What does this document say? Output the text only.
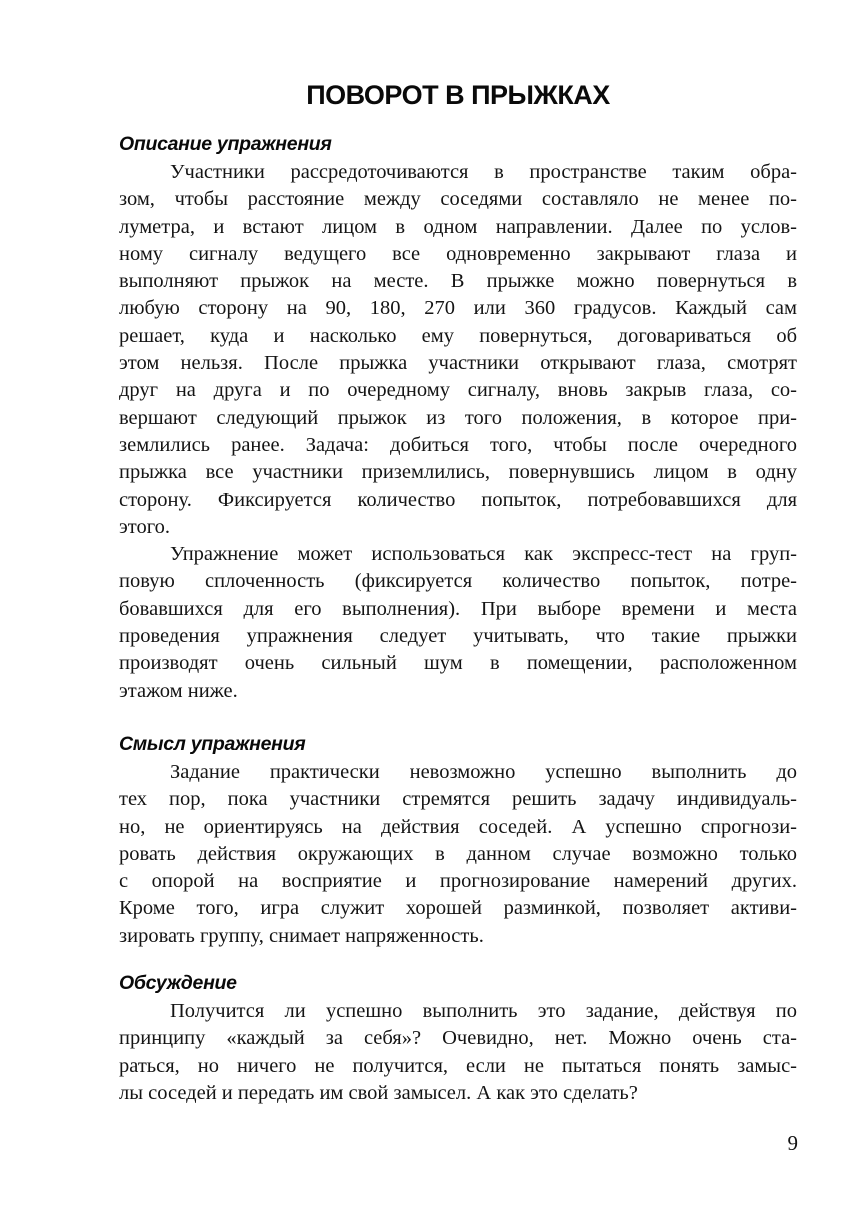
ПОВОРОТ В ПРЫЖКАХ
Описание упражнения
Участники рассредоточиваются в пространстве таким обра-
зом, чтобы расстояние между соседями составляло не менее по-
луметра, и встают лицом в одном направлении. Далее по услов-
ному сигналу ведущего все одновременно закрывают глаза и
выполняют прыжок на месте. В прыжке можно повернуться в
любую сторону на 90, 180, 270 или 360 градусов. Каждый сам
решает, куда и насколько ему повернуться, договариваться об
этом нельзя. После прыжка участники открывают глаза, смотрят
друг на друга и по очередному сигналу, вновь закрыв глаза, со-
вершают следующий прыжок из того положения, в которое при-
землились ранее. Задача: добиться того, чтобы после очередного
прыжка все участники приземлились, повернувшись лицом в одну
сторону. Фиксируется количество попыток, потребовавшихся для
этого.
Упражнение может использоваться как экспресс-тест на груп-
повую сплоченность (фиксируется количество попыток, потре-
бовавшихся для его выполнения). При выборе времени и места
проведения упражнения следует учитывать, что такие прыжки
производят очень сильный шум в помещении, расположенном
этажом ниже.
Смысл упражнения
Задание практически невозможно успешно выполнить до
тех пор, пока участники стремятся решить задачу индивидуаль-
но, не ориентируясь на действия соседей. А успешно спрогнози-
ровать действия окружающих в данном случае возможно только
с опорой на восприятие и прогнозирование намерений других.
Кроме того, игра служит хорошей разминкой, позволяет активи-
зировать группу, снимает напряженность.
Обсуждение
Получится ли успешно выполнить это задание, действуя по
принципу «каждый за себя»? Очевидно, нет. Можно очень ста-
раться, но ничего не получится, если не пытаться понять замыс-
лы соседей и передать им свой замысел. А как это сделать?
9
